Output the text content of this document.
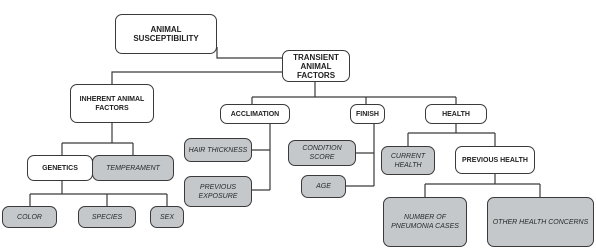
ANIMAL SUSCEPTIBILITY
TRANSIENT ANIMAL FACTORS
INHERENT ANIMAL FACTORS
ACCLIMATION	FINISH	HEALTH
GENETICS	TEMPERAMENT
HAIR THICKNESS
PREVIOUS EXPOSURE
CONDITION SCORE
AGE
CURRENT HEALTH
PREVIOUS HEALTH
COLOR	SPECIES	SEX	NUMBER OF PNEUMONIA CASES
OTHER HEALTH CONCERNS
